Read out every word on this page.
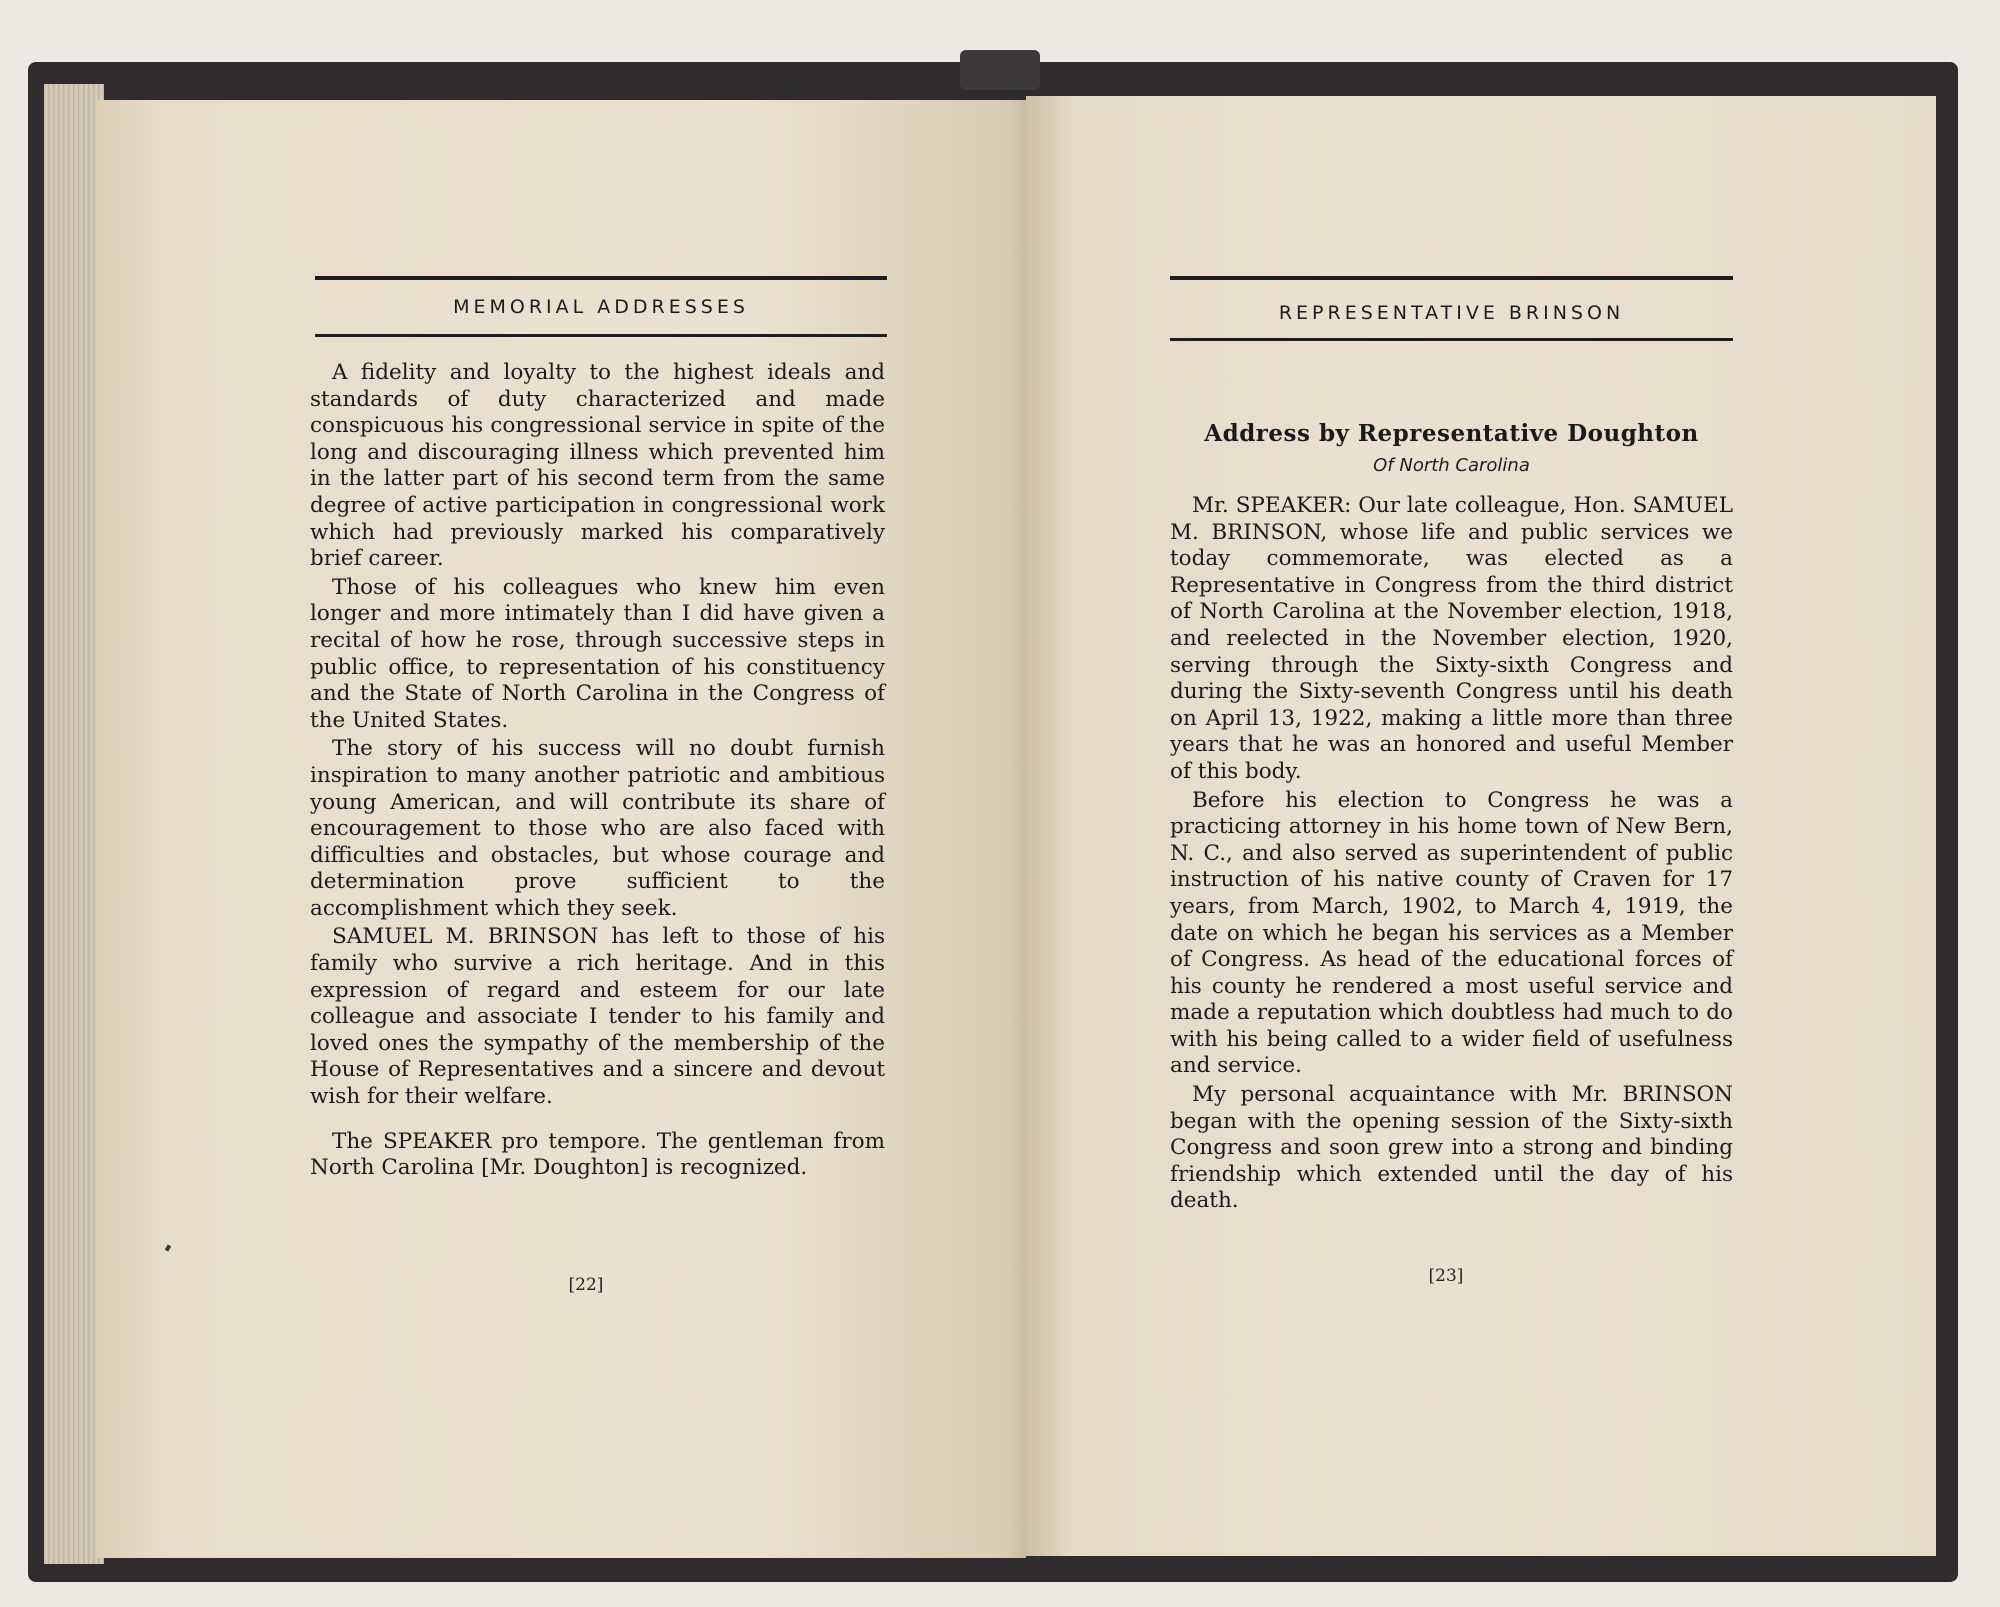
MEMORIAL ADDRESSES

A fidelity and loyalty to the highest ideals and standards of duty characterized and made conspicuous his congressional service in spite of the long and discouraging illness which prevented him in the latter part of his second term from the same degree of active participation in congressional work which had previously marked his comparatively brief career.

Those of his colleagues who knew him even longer and more intimately than I did have given a recital of how he rose, through successive steps in public office, to representation of his constituency and the State of North Carolina in the Congress of the United States.

The story of his success will no doubt furnish inspiration to many another patriotic and ambitious young American, and will contribute its share of encouragement to those who are also faced with difficulties and obstacles, but whose courage and determination prove sufficient to the accomplishment which they seek.

SAMUEL M. BRINSON has left to those of his family who survive a rich heritage. And in this expression of regard and esteem for our late colleague and associate I tender to his family and loved ones the sympathy of the membership of the House of Representatives and a sincere and devout wish for their welfare.

The SPEAKER pro tempore. The gentleman from North Carolina [Mr. Doughton] is recognized.

[22]
REPRESENTATIVE BRINSON
Address by Representative Doughton
Of North Carolina

Mr. SPEAKER: Our late colleague, Hon. SAMUEL M. BRINSON, whose life and public services we today commemorate, was elected as a Representative in Congress from the third district of North Carolina at the November election, 1918, and reelected in the November election, 1920, serving through the Sixty-sixth Congress and during the Sixty-seventh Congress until his death on April 13, 1922, making a little more than three years that he was an honored and useful Member of this body.

Before his election to Congress he was a practicing attorney in his home town of New Bern, N. C., and also served as superintendent of public instruction of his native county of Craven for 17 years, from March, 1902, to March 4, 1919, the date on which he began his services as a Member of Congress. As head of the educational forces of his county he rendered a most useful service and made a reputation which doubtless had much to do with his being called to a wider field of usefulness and service.

My personal acquaintance with Mr. BRINSON began with the opening session of the Sixty-sixth Congress and soon grew into a strong and binding friendship which extended until the day of his death.

[23]
